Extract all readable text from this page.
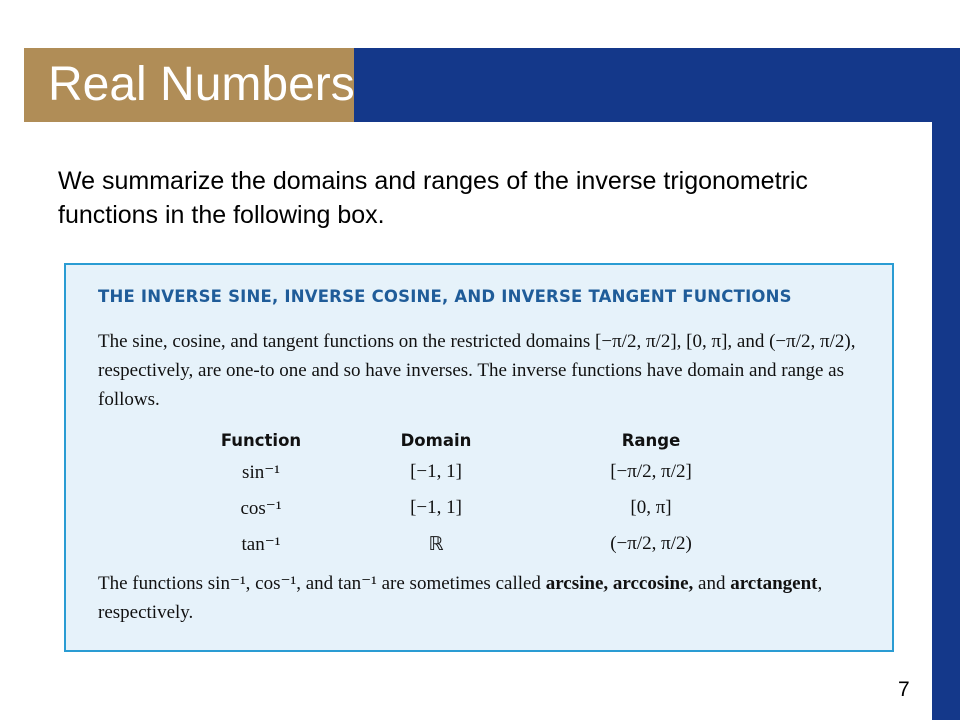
Real Numbers
We summarize the domains and ranges of the inverse trigonometric functions in the following box.
THE INVERSE SINE, INVERSE COSINE, AND INVERSE TANGENT FUNCTIONS
The sine, cosine, and tangent functions on the restricted domains [−π/2, π/2], [0, π], and (−π/2, π/2), respectively, are one-to one and so have inverses. The inverse functions have domain and range as follows.
Function	Domain	Range
sin⁻¹	[−1, 1]	[−π/2, π/2]
cos⁻¹	[−1, 1]	[0, π]
tan⁻¹	ℝ	(−π/2, π/2)
The functions sin⁻¹, cos⁻¹, and tan⁻¹ are sometimes called arcsine, arccosine, and arctangent, respectively.
7
